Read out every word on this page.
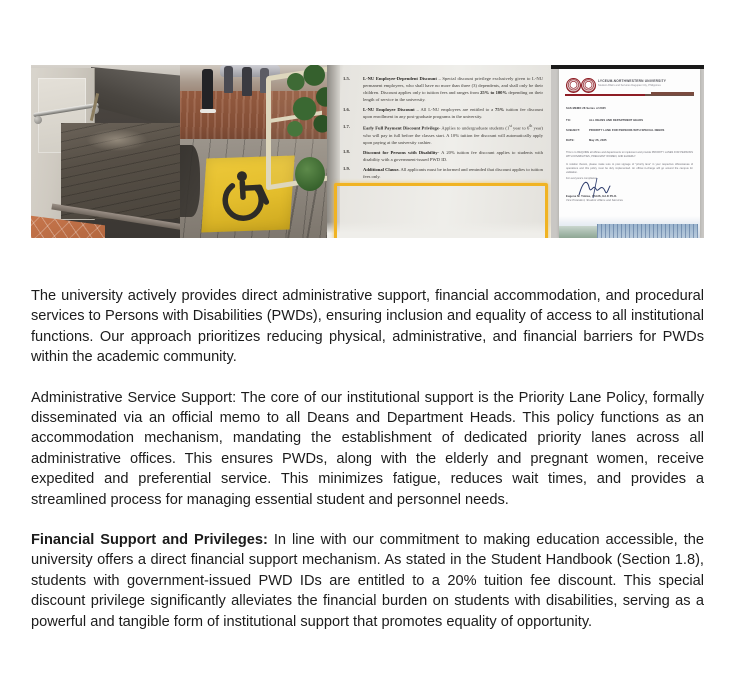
1.5.	L-NU Employee-Dependent Discount – Special discount privilege exclusively given to L-NU permanent employees, who shall have no more than three (3) dependents, and shall only be their children. Discount applies only to tuition fees and ranges from 25% to 100% depending on their length of service in the university.
1.6.	L-NU Employee Discount – All L-NU employees are entitled to a 75% tuition fee discount upon enrollment in any post-graduate programs in the university.
1.7.	Early Full Payment Discount Privilege- Applies to undergraduate students (1st year to 6th year) who will pay in full before the classes start. A 10% tuition fee discount will automatically apply upon paying at the university cashier.
1.8.	Discount for Persons with Disability- A 20% tuition fee discount applies to students with disability with a government-issued PWD ID.
1.9.	Additional Clause. All applicants must be informed and reminded that discount applies to tuition fees only.
LYCEUM-NORTHWESTERN UNIVERSITY
Student Affairs and Services Dagupan City, Philippines
SAS MEMO 28 Series of 2025
TO:	ALL DEANS AND DEPARTMENT HEADS
SUBJECT:	PRIORITY LANE FOR PERSONS WITH SPECIAL NEEDS
DATE:	May 26, 2025
This is to REQUIRE all offices and departments to implement and provide PRIORITY LANES FOR PERSONS WITH DISABILITIES, PREGNANT WOMEN, AND ELDERLY.
In relation thereto, please make sure to post signage of "priority lane" in your respective offices/areas of operations and this policy must be duly implemented. An officer-in-charge will go around the campus for validation.
For everyone's compliance.
Eugene M. Tobias, CSAIS, Ed.D Ph.D.
Vice President, Student Affairs and Services

The university actively provides direct administrative support, financial accommodation, and procedural services to Persons with Disabilities (PWDs), ensuring inclusion and equality of access to all institutional functions. Our approach prioritizes reducing physical, administrative, and financial barriers for PWDs within the academic community.

Administrative Service Support: The core of our institutional support is the Priority Lane Policy, formally disseminated via an official memo to all Deans and Department Heads. This policy functions as an accommodation mechanism, mandating the establishment of dedicated priority lanes across all administrative offices. This ensures PWDs, along with the elderly and pregnant women, receive expedited and preferential service. This minimizes fatigue, reduces wait times, and provides a streamlined process for managing essential student and personnel needs.

Financial Support and Privileges: In line with our commitment to making education accessible, the university offers a direct financial support mechanism. As stated in the Student Handbook (Section 1.8), students with government-issued PWD IDs are entitled to a 20% tuition fee discount. This special discount privilege significantly alleviates the financial burden on students with disabilities, serving as a powerful and tangible form of institutional support that promotes equality of opportunity.
